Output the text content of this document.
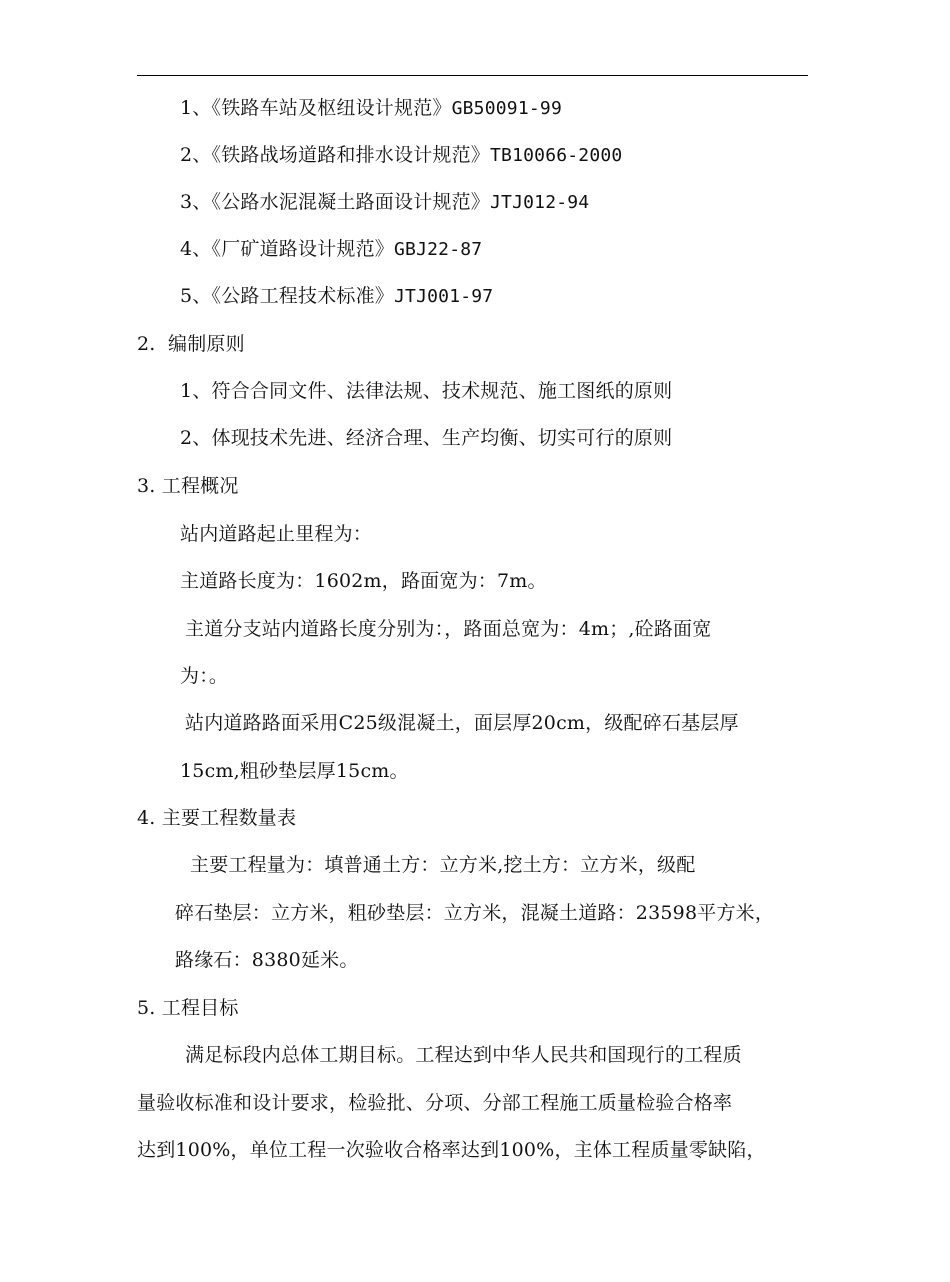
1、《铁路车站及枢纽设计规范》GB50091-99
2、《铁路战场道路和排水设计规范》TB10066-2000
3、《公路水泥混凝土路面设计规范》JTJ012-94
4、《厂矿道路设计规范》GBJ22-87
5、《公路工程技术标准》JTJ001-97
2.  编制原则
1、符合合同文件、法律法规、技术规范、施工图纸的原则
2、体现技术先进、经济合理、生产均衡、切实可行的原则
3. 工程概况
站内道路起止里程为：
主道路长度为：1602m，路面宽为：7m。
主道分支站内道路长度分别为：，路面总宽为：4m；,砼路面宽
为：。
站内道路路面采用C25级混凝土，面层厚20cm，级配碎石基层厚
15cm,粗砂垫层厚15cm。
4. 主要工程数量表
主要工程量为：填普通土方：立方米,挖土方：立方米，级配
碎石垫层：立方米，粗砂垫层：立方米，混凝土道路：23598平方米，
路缘石：8380延米。
5. 工程目标
满足标段内总体工期目标。工程达到中华人民共和国现行的工程质
量验收标准和设计要求，检验批、分项、分部工程施工质量检验合格率
达到100%，单位工程一次验收合格率达到100%，主体工程质量零缺陷，
